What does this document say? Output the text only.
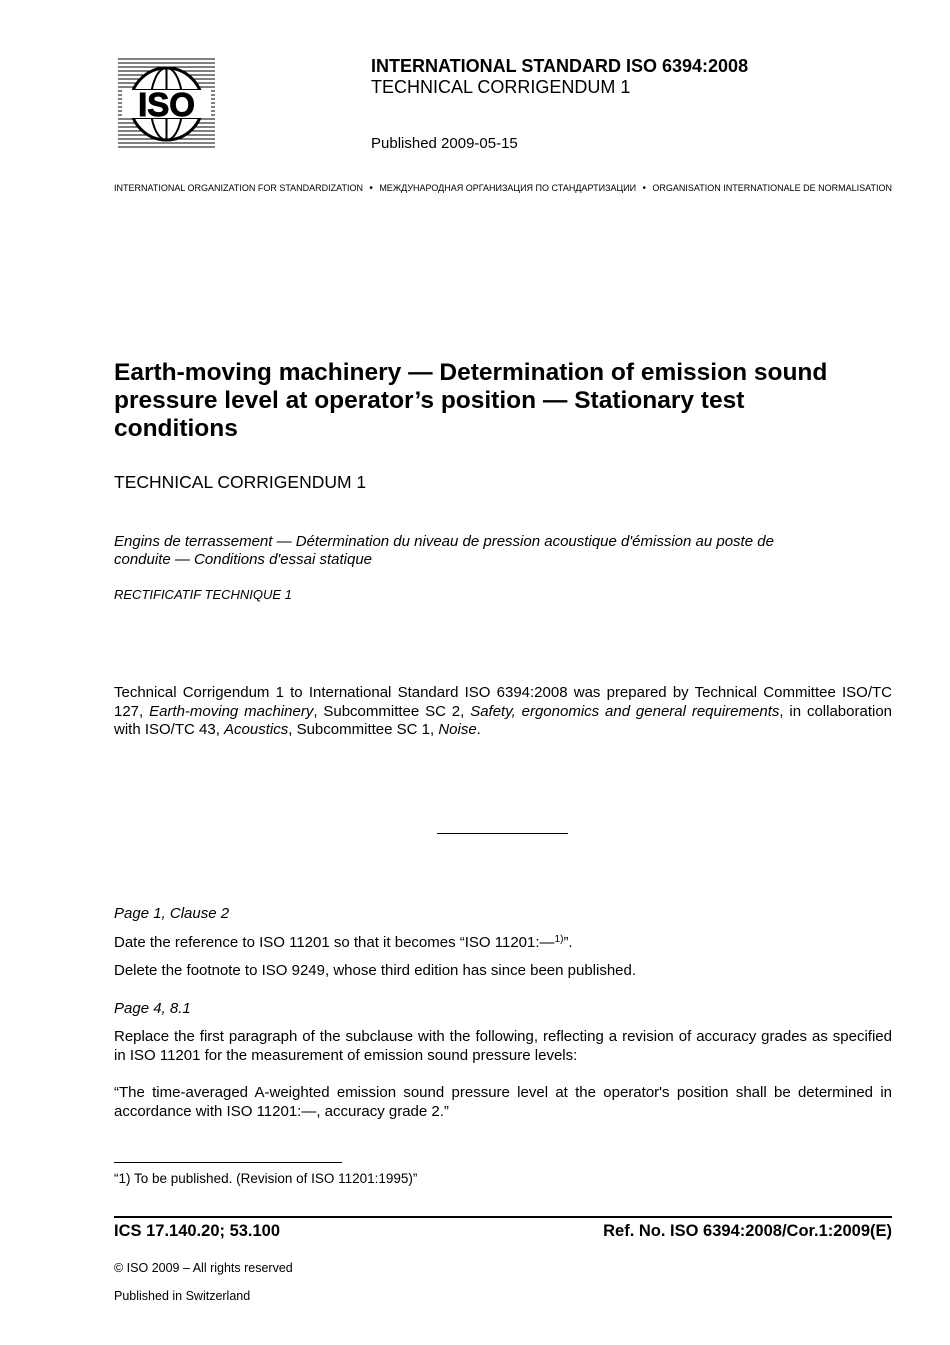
ISO
INTERNATIONAL STANDARD ISO 6394:2008
TECHNICAL CORRIGENDUM 1
Published 2009-05-15
INTERNATIONAL ORGANIZATION FOR STANDARDIZATION • МЕЖДУНАРОДНАЯ ОРГАНИЗАЦИЯ ПО СТАНДАРТИЗАЦИИ • ORGANISATION INTERNATIONALE DE NORMALISATION
Earth-moving machinery — Determination of emission sound
pressure level at operator’s position — Stationary test
conditions
TECHNICAL CORRIGENDUM 1
Engins de terrassement — Détermination du niveau de pression acoustique d'émission au poste de
conduite — Conditions d'essai statique
RECTIFICATIF TECHNIQUE 1
Technical Corrigendum 1 to International Standard ISO 6394:2008 was prepared by Technical Committee ISO/TC 127, Earth-moving machinery, Subcommittee SC 2, Safety, ergonomics and general requirements, in collaboration with ISO/TC 43, Acoustics, Subcommittee SC 1, Noise.
Page 1, Clause 2
Date the reference to ISO 11201 so that it becomes “ISO 11201:—$^{1)}$”.
Delete the footnote to ISO 9249, whose third edition has since been published.
Page 4, 8.1
Replace the first paragraph of the subclause with the following, reflecting a revision of accuracy grades as specified in ISO 11201 for the measurement of emission sound pressure levels:
“The time-averaged A-weighted emission sound pressure level at the operator's position shall be determined in accordance with ISO 11201:—, accuracy grade 2.”
“1) To be published. (Revision of ISO 11201:1995)”
ICS 17.140.20; 53.100	Ref. No. ISO 6394:2008/Cor.1:2009(E)
© ISO 2009 – All rights reserved
Published in Switzerland
